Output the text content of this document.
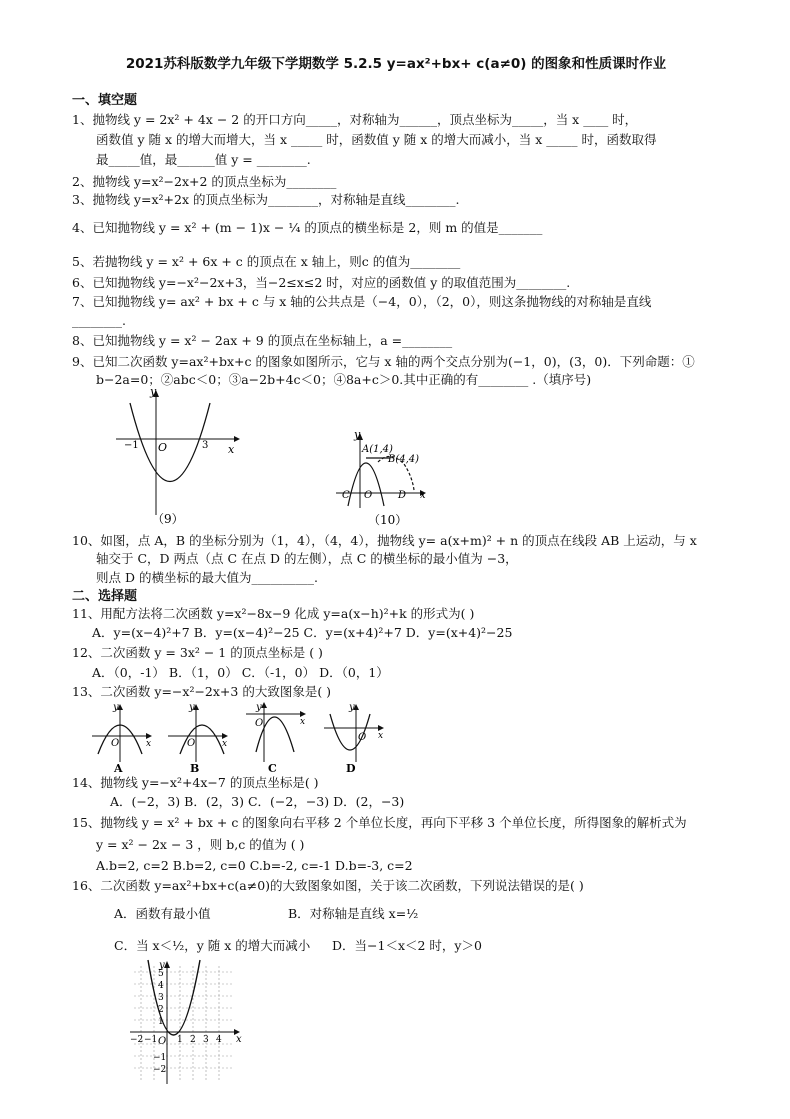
2021苏科版数学九年级下学期数学 5.2.5 y=ax²+bx+ c(a≠0) 的图象和性质课时作业
一、填空题
1、抛物线 y = 2x² + 4x − 2 的开口方向_____，对称轴为______，顶点坐标为_____，当 x ____ 时，
函数值 y 随 x 的增大而增大，当 x _____ 时，函数值 y 随 x 的增大而减小，当 x _____ 时，函数取得
最_____值，最______值 y = ________.
2、抛物线 y=x²−2x+2 的顶点坐标为________
3、抛物线 y=x²+2x 的顶点坐标为________，对称轴是直线________.
4、已知抛物线 y = x² + (m − 1)x − ¼ 的顶点的横坐标是 2，则 m 的值是_______
5、若抛物线 y = x² + 6x + c 的顶点在 x 轴上，则c 的值为________
6、已知抛物线 y=−x²−2x+3，当−2≤x≤2 时，对应的函数值 y 的取值范围为________.
7、已知抛物线 y= ax² + bx + c 与 x 轴的公共点是（−4，0），（2，0），则这条抛物线的对称轴是直线
________.
8、已知抛物线 y = x² − 2ax + 9 的顶点在坐标轴上，a =________
9、已知二次函数 y=ax²+bx+c 的图象如图所示，它与 x 轴的两个交点分别为(−1，0)，(3，0)．下列命题：①
b−2a=0；②abc＜0；③a−2b+4c＜0；④8a+c＞0.其中正确的有________ .（填序号)
y
x
O
−1	3
（9）
y
x
A(1,4)
B(4,4)
C O	D
（10）
10、如图，点 A，B 的坐标分别为（1，4），（4，4），抛物线 y= a(x+m)² + n 的顶点在线段 AB 上运动，与 x
轴交于 C，D 两点（点 C 在点 D 的左侧），点 C 的横坐标的最小值为 −3，
则点 D 的横坐标的最大值为__________.
二、选择题
11、用配方法将二次函数 y=x²−8x−9 化成 y=a(x−h)²+k 的形式为( )
A．y=(x−4)²+7 B．y=(x−4)²−25 C．y=(x+4)²+7 D．y=(x+4)²−25
12、二次函数 y = 3x² − 1 的顶点坐标是 ( )
A．（0，-1） B．（1，0） C．（-1，0） D．（0，1）
13、二次函数 y=−x²−2x+3 的大致图象是( )
y
O	x
A
y
O	x
B
y
O	x
C
y
O x
D
14、抛物线 y=−x²+4x−7 的顶点坐标是( )
A．(−2，3) B．(2，3) C．(−2，−3) D．(2，−3)
15、抛物线 y = x² + bx + c 的图象向右平移 2 个单位长度，再向下平移 3 个单位长度，所得图象的解析式为
y = x² − 2x − 3 ，则 b,c 的值为 ( )
A.b=2, c=2 B.b=2, c=0 C.b=-2, c=-1 D.b=-3, c=2
16、二次函数 y=ax²+bx+c(a≠0)的大致图象如图，关于该二次函数，下列说法错误的是( )
A．函数有最小值	B．对称轴是直线 x=½
C．当 x＜½，y 随 x 的增大而减小 D．当−1＜x＜2 时，y＞0
y
x
O
5
4
3
2
1
−1
−2
−2 −1 1 2 3 4
